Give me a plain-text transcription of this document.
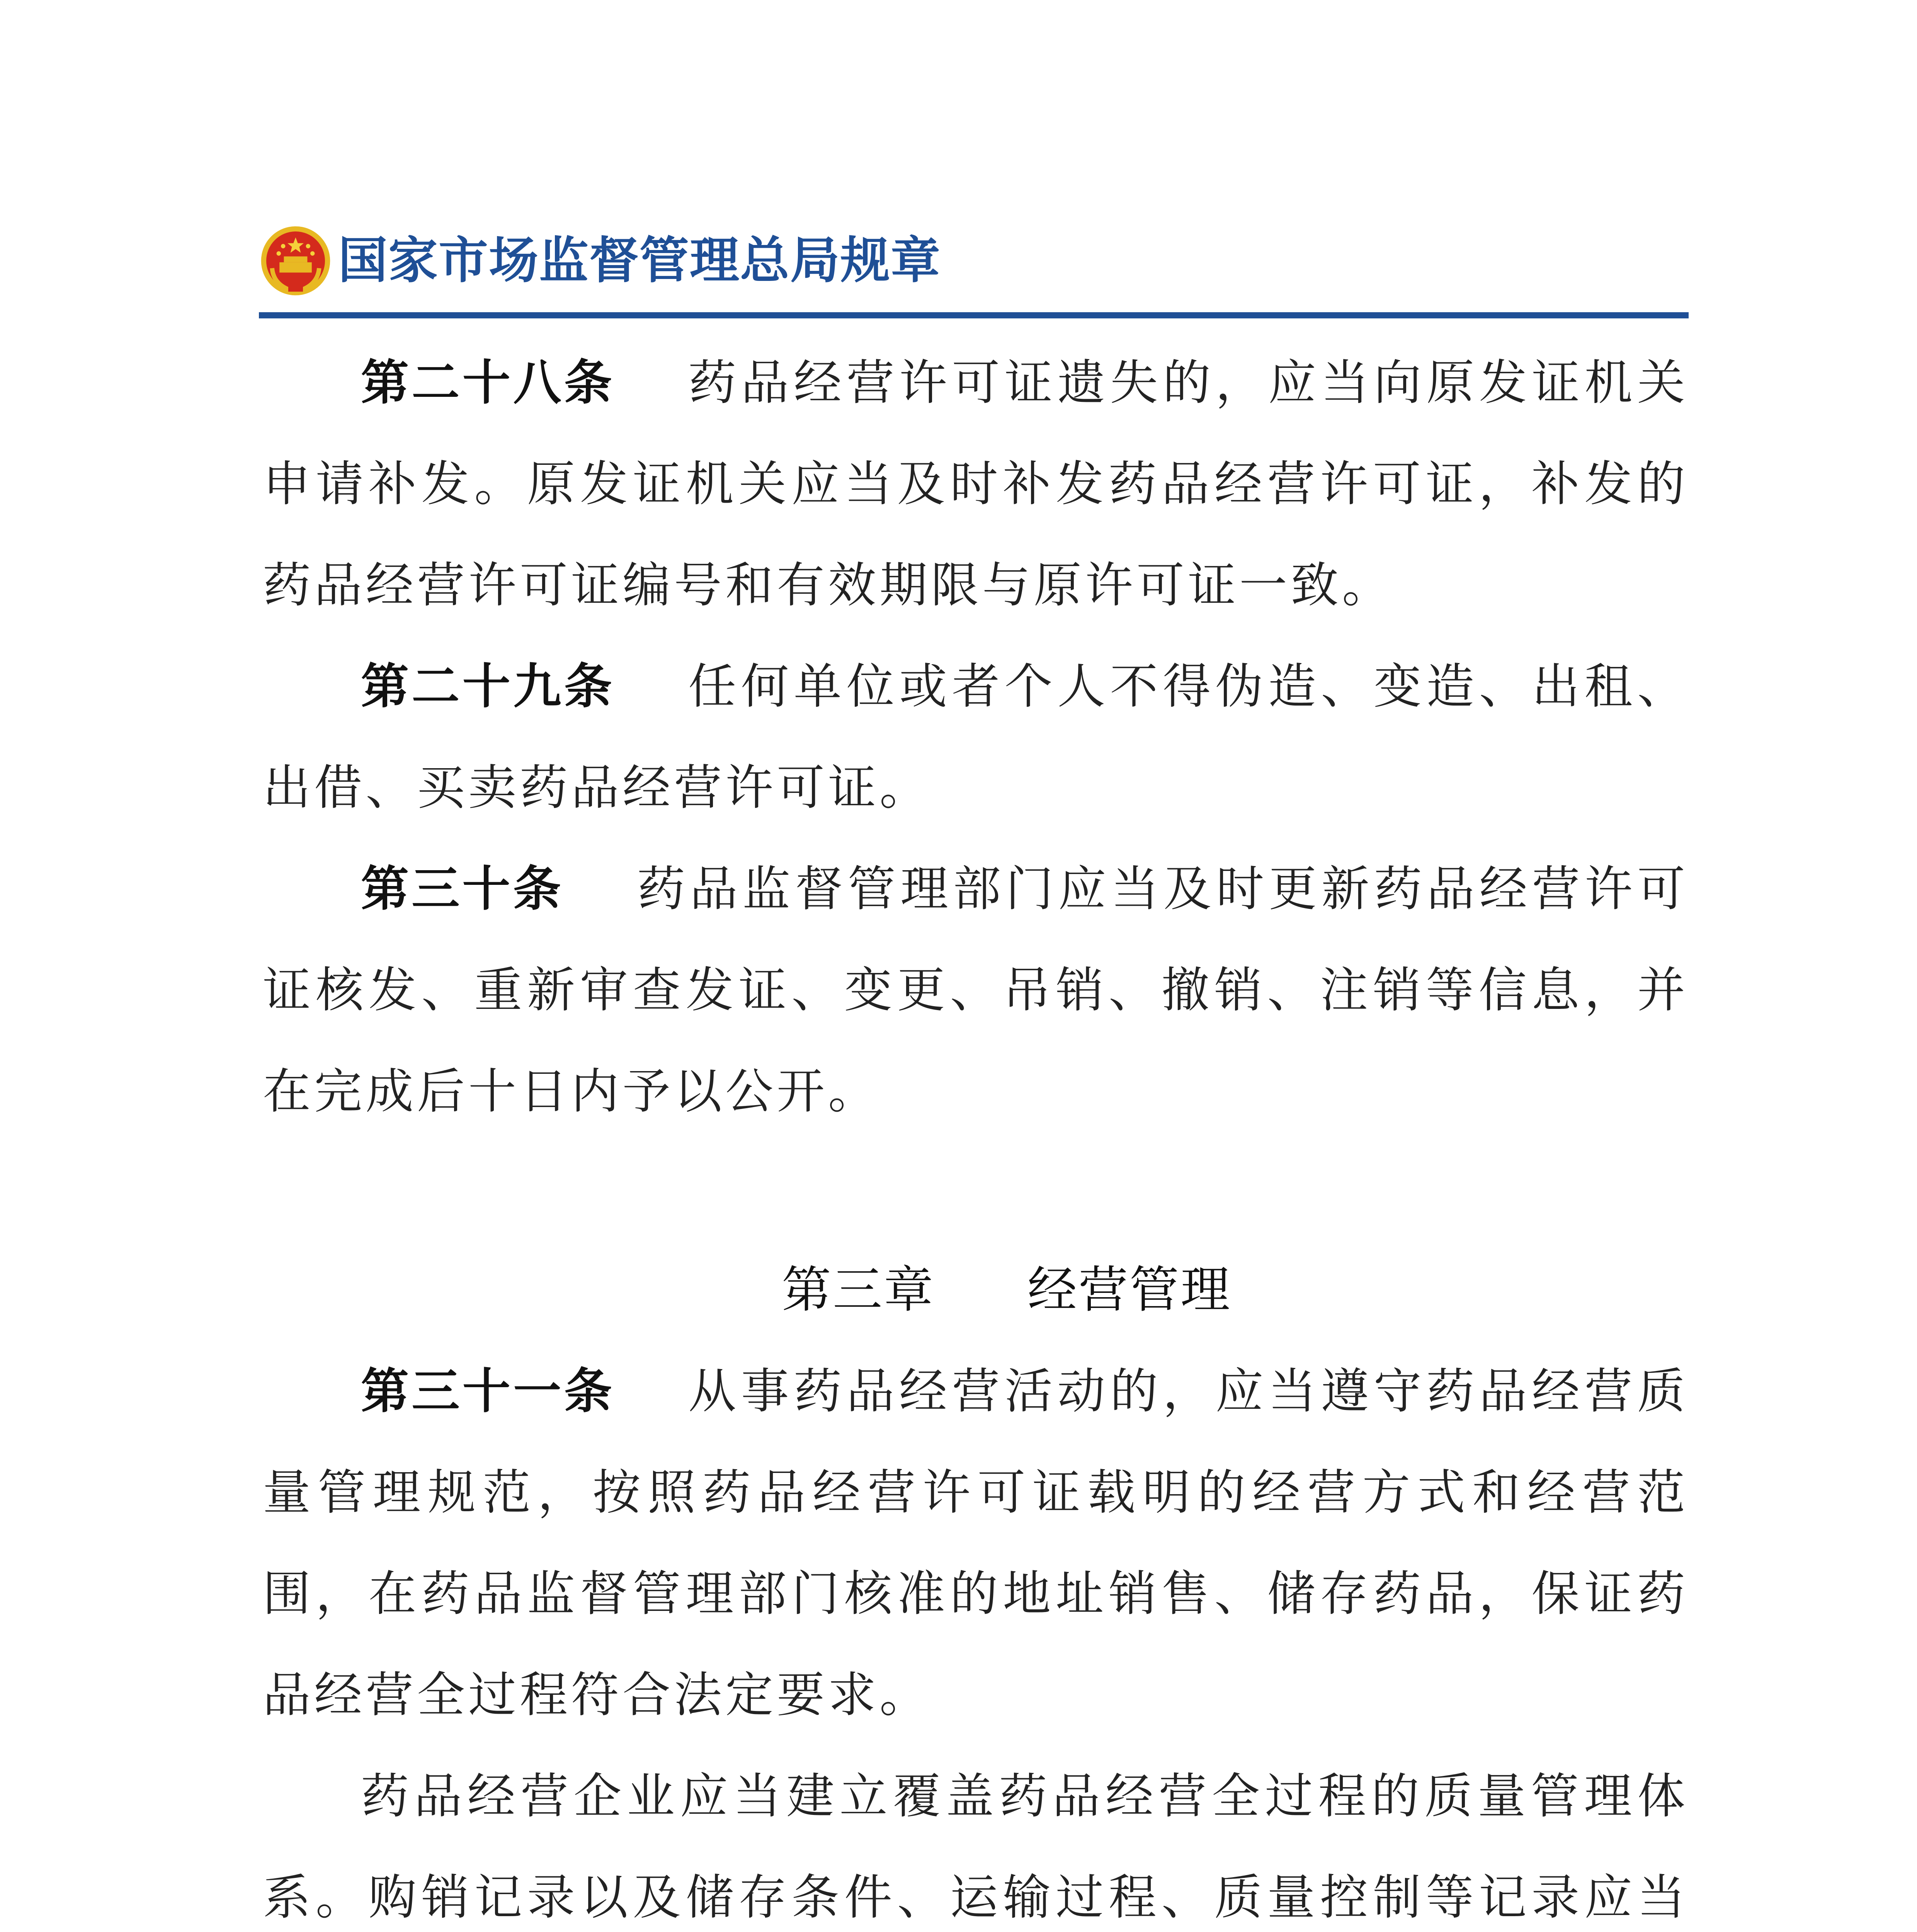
国家市场监督管理总局规章

第二十八条 药品经营许可证遗失的，应当向原发证机关申请补发。原发证机关应当及时补发药品经营许可证，补发的药品经营许可证编号和有效期限与原许可证一致。

第二十九条 任何单位或者个人不得伪造、变造、出租、出借、买卖药品经营许可证。

第三十条 药品监督管理部门应当及时更新药品经营许可证核发、重新审查发证、变更、吊销、撤销、注销等信息，并在完成后十日内予以公开。

第三章 经营管理

第三十一条 从事药品经营活动的，应当遵守药品经营质量管理规范，按照药品经营许可证载明的经营方式和经营范围，在药品监督管理部门核准的地址销售、储存药品，保证药品经营全过程符合法定要求。

药品经营企业应当建立覆盖药品经营全过程的质量管理体系。购销记录以及储存条件、运输过程、质量控制等记录应当
